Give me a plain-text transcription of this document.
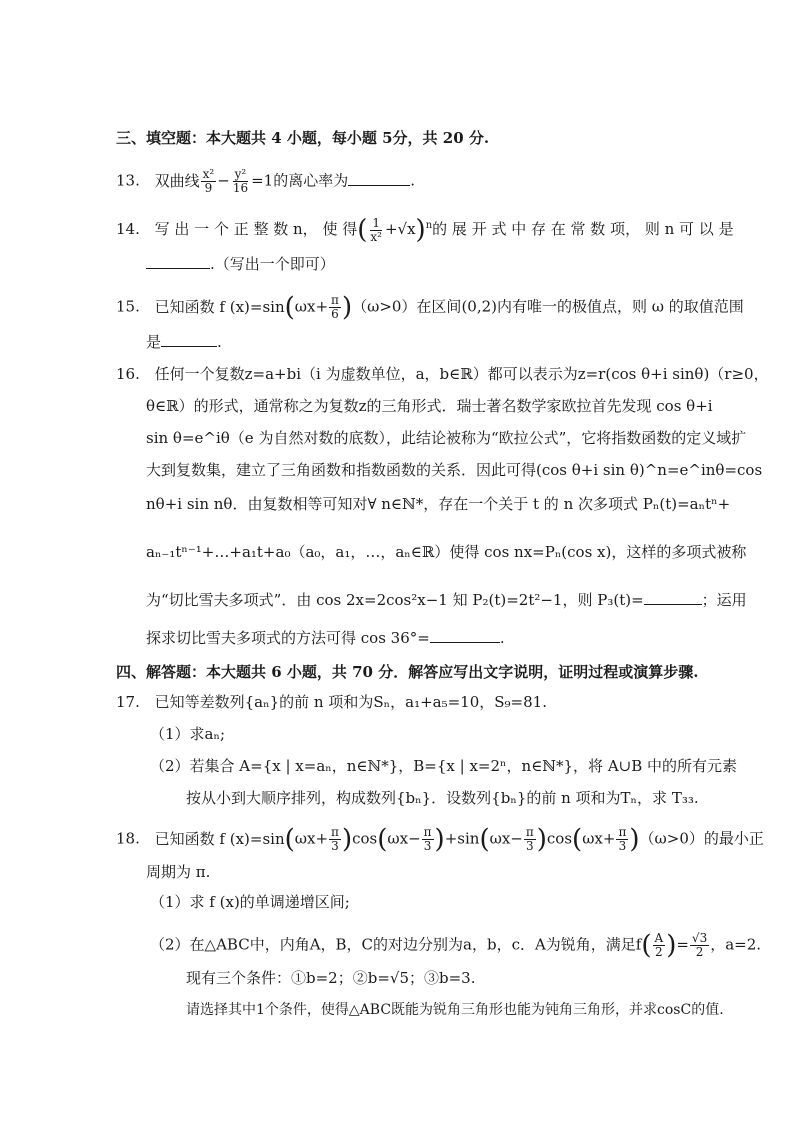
三、填空题：本大题共 4 小题，每小题 5分，共 20 分.
13. 双曲线 $\frac{\text{x²}}{9} - \frac{\text{y²}}{16} =1$的离心率为	.
14. 写 出 一 个 正 整 数 n， 使 得( $\frac{1}{\text{x²}} +√x)^n$的 展 开 式 中 存 在 常 数 项， 则 n 可 以 是
.（写出一个即可）
15. 已知函数 f $(x)=\sin(\omega x+ \frac{\pi}{6} )(\omega>0)$在区间(0,2)内有唯一的极值点，则 ω 的取值范围
是	.
16. 任何一个复数z=a+bi（i 为虚数单位，a，b∈ℝ）都可以表示为z=r(cos θ+i sinθ)（r≥0，
θ∈ℝ）的形式，通常称之为复数z的三角形式．瑞士著名数学家欧拉首先发现 cos θ+i
sin θ=e^iθ（e 为自然对数的底数），此结论被称为“欧拉公式”，它将指数函数的定义域扩
大到复数集，建立了三角函数和指数函数的关系．因此可得(cos θ+i sin θ)^n=e^inθ=cos
nθ+i sin nθ．由复数相等可知对∀ n∈ℕ*，存在一个关于 t 的 n 次多项式 Pₙ(t)=aₙtⁿ+
aₙ₋₁tⁿ⁻¹+…+a₁t+a₀（a₀，a₁，…，aₙ∈ℝ）使得 cos nx=Pₙ(cos x)，这样的多项式被称
为“切比雪夫多项式”．由 cos 2x=2cos²x−1 知 P₂(t)=2t²−1，则 P₃(t)=	；运用
探求切比雪夫多项式的方法可得 cos 36°=	.
四、解答题：本大题共 6 小题，共 70 分．解答应写出文字说明，证明过程或演算步骤.
17. 已知等差数列{aₙ}的前 n 项和为Sₙ，a₁+a₅=10，S₉=81.
（1）求aₙ;
（2）若集合 A={x | x=aₙ，n∈ℕ*}，B={x | x=2ⁿ，n∈ℕ*}，将 A∪B 中的所有元素
按从小到大顺序排列，构成数列{bₙ}．设数列{bₙ}的前 n 项和为Tₙ，求 T₃₃.
18. 已知函数 f $(x)=\sin(\omega x+ \frac{\pi}{3} )\cos(\omega x- \frac{\pi}{3} )+\sin(\omega x- \frac{\pi}{3} )\cos(\omega x+ \frac{\pi}{3} )(\omega>0)$的最小正
周期为 π.
（1）求 f (x)的单调递增区间;
（2）在△ABC中，内角A，B，C的对边分别为a，b，c．A为锐角，满足$f( \frac{A}{2}$ )= $\frac{√3}{2}$ ，a=2.
现有三个条件：①b=2；②b=√5；③b=3.
请选择其中1个条件，使得△ABC既能为锐角三角形也能为钝角三角形，并求cosC的值.
